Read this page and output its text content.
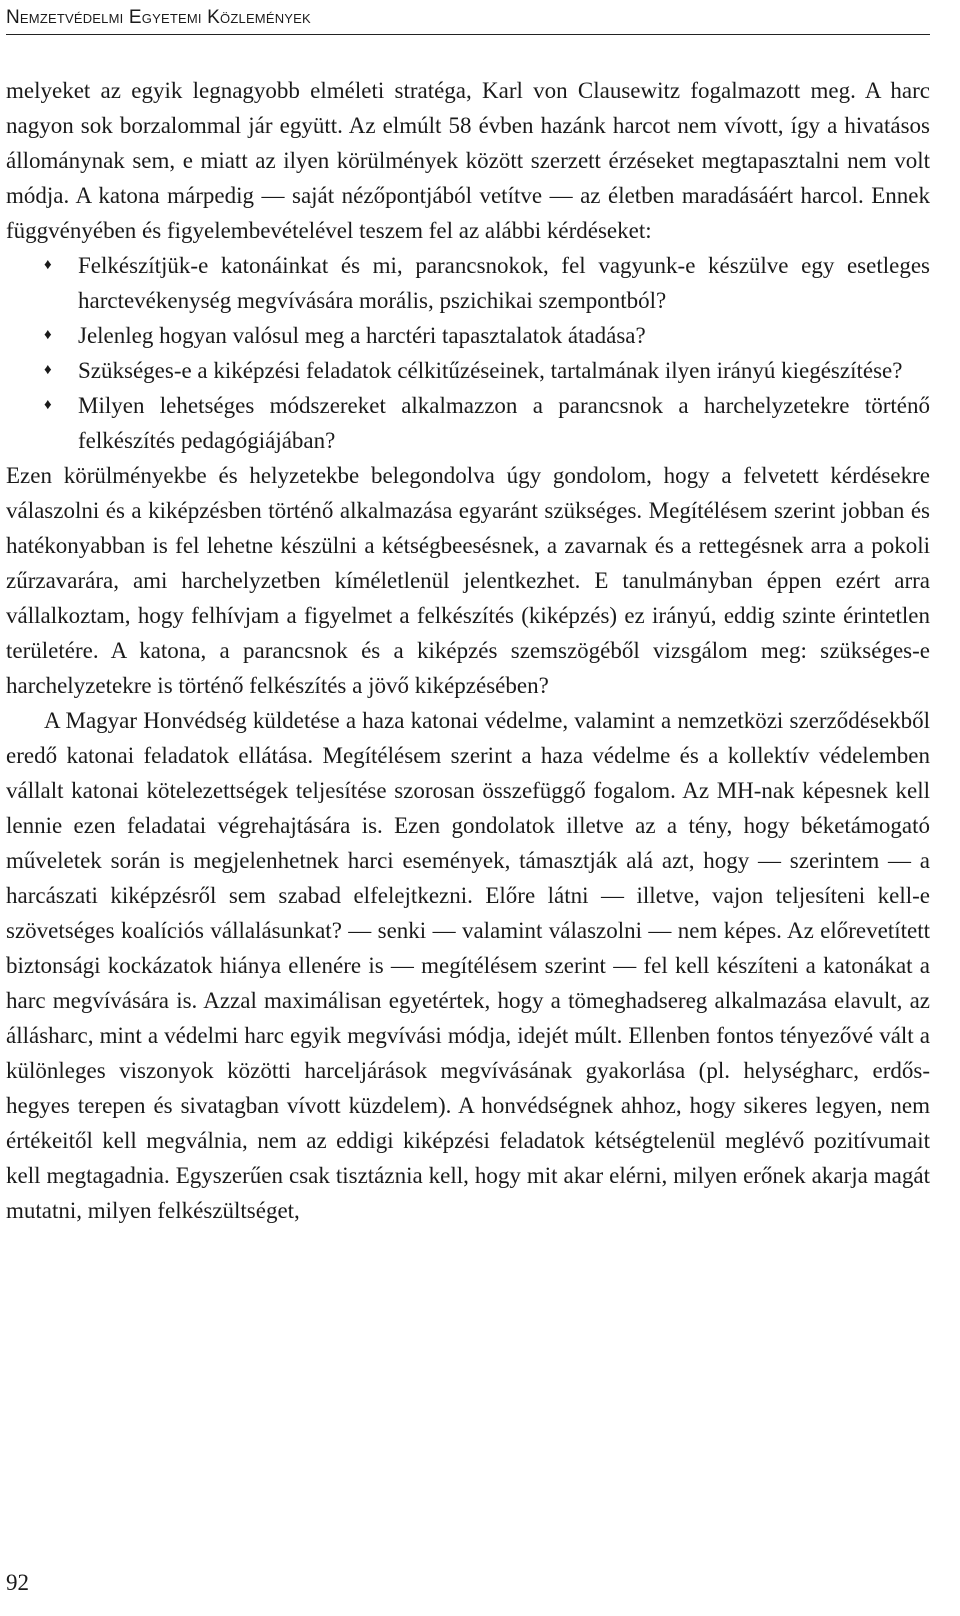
Nemzetvédelmi Egyetemi Közlemények

melyeket az egyik legnagyobb elméleti stratéga, Karl von Clausewitz fogalmazott meg. A harc nagyon sok borzalommal jár együtt. Az elmúlt 58 évben hazánk harcot nem vívott, így a hivatásos állománynak sem, e miatt az ilyen körülmények között szerzett érzéseket megtapasztalni nem volt módja. A katona márpedig — saját nézőpontjából vetítve — az életben maradásáért harcol. Ennek függvényében és figyelembevételével teszem fel az alábbi kérdéseket:

♦ Felkészítjük-e katonáinkat és mi, parancsnokok, fel vagyunk-e készülve egy esetleges harctevékenység megvívására morális, pszichikai szempontból?
♦ Jelenleg hogyan valósul meg a harctéri tapasztalatok átadása?
♦ Szükséges-e a kiképzési feladatok célkitűzéseinek, tartalmának ilyen irányú kiegészítése?
♦ Milyen lehetséges módszereket alkalmazzon a parancsnok a harchelyzetekre történő felkészítés pedagógiájában?

Ezen körülményekbe és helyzetekbe belegondolva úgy gondolom, hogy a felvetett kérdésekre válaszolni és a kiképzésben történő alkalmazása egyaránt szükséges. Megítélésem szerint jobban és hatékonyabban is fel lehetne készülni a kétségbeesésnek, a zavarnak és a rettegésnek arra a pokoli zűrzavarára, ami harchelyzetben kíméletlenül jelentkezhet. E tanulmányban éppen ezért arra vállalkoztam, hogy felhívjam a figyelmet a felkészítés (kiképzés) ez irányú, eddig szinte érintetlen területére. A katona, a parancsnok és a kiképzés szemszögéből vizsgálom meg: szükséges-e harchelyzetekre is történő felkészítés a jövő kiképzésében?

A Magyar Honvédség küldetése a haza katonai védelme, valamint a nemzetközi szerződésekből eredő katonai feladatok ellátása. Megítélésem szerint a haza védelme és a kollektív védelemben vállalt katonai kötelezettségek teljesítése szorosan összefüggő fogalom. Az MH-nak képesnek kell lennie ezen feladatai végrehajtására is. Ezen gondolatok illetve az a tény, hogy béketámogató műveletek során is megjelenhetnek harci események, támasztják alá azt, hogy — szerintem — a harcászati kiképzésről sem szabad elfelejtkezni. Előre látni — illetve, vajon teljesíteni kell-e szövetséges koalíciós vállalásunkat? — senki — valamint válaszolni — nem képes. Az előrevetített biztonsági kockázatok hiánya ellenére is — megítélésem szerint — fel kell készíteni a katonákat a harc megvívására is. Azzal maximálisan egyetértek, hogy a tömeghadsereg alkalmazása elavult, az állásharc, mint a védelmi harc egyik megvívási módja, idejét múlt. Ellenben fontos tényezővé vált a különleges viszonyok közötti harceljárások megvívásának gyakorlása (pl. helységharc, erdős-hegyes terepen és sivatagban vívott küzdelem). A honvédségnek ahhoz, hogy sikeres legyen, nem értékeitől kell megválnia, nem az eddigi kiképzési feladatok kétségtelenül meglévő pozitívumait kell megtagadnia. Egyszerűen csak tisztáznia kell, hogy mit akar elérni, milyen erőnek akarja magát mutatni, milyen felkészültséget,

92
